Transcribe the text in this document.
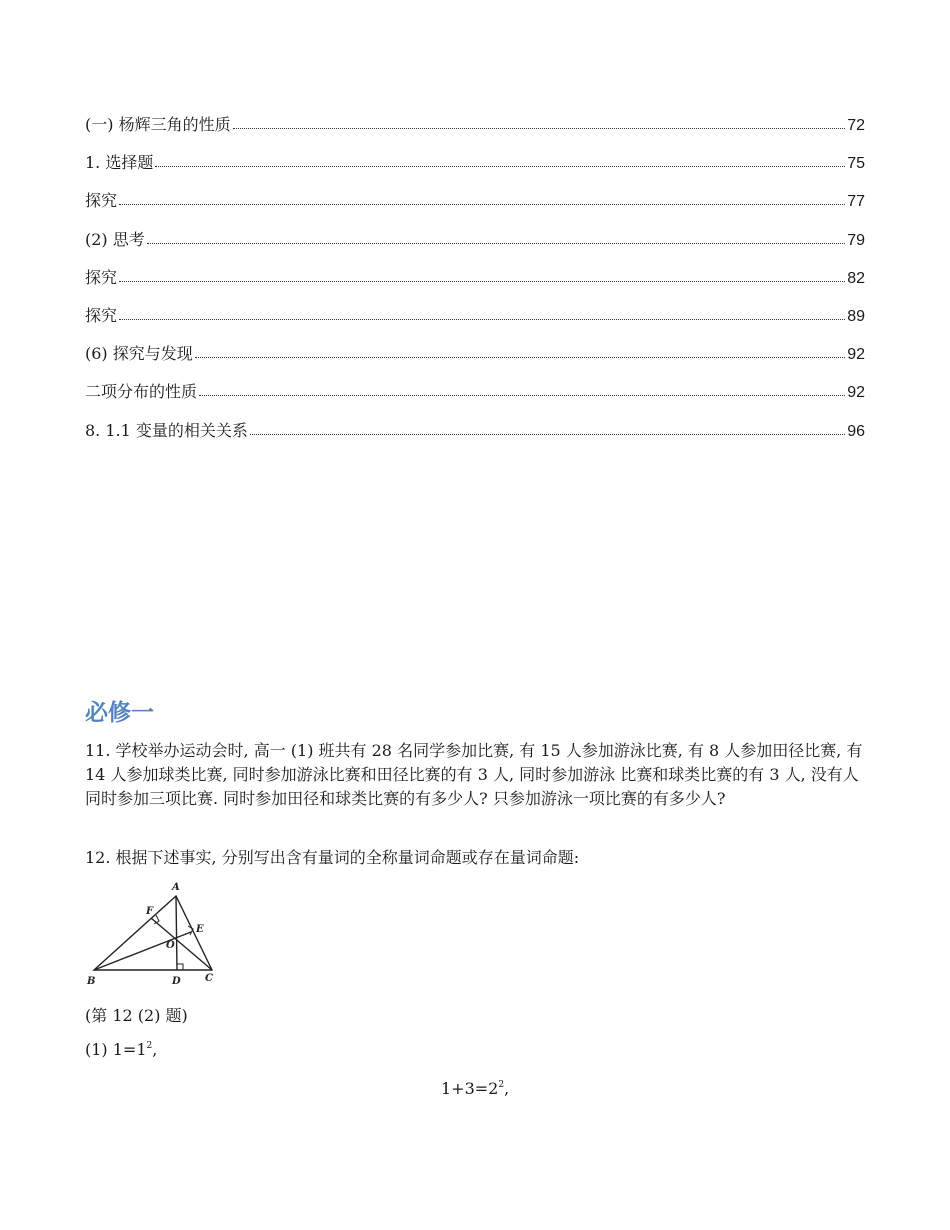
(一) 杨辉三角的性质	72
1. 选择题	75
探究	77
(2) 思考	79
探究	82
探究	89
(6) 探究与发现	92
二项分布的性质	92
8. 1.1 变量的相关关系	96
必修一

11. 学校举办运动会时, 高一 (1) 班共有 28 名同学参加比赛, 有 15 人参加游泳比赛, 有 8 人参加田径比赛, 有 14 人参加球类比赛, 同时参加游泳比赛和田径比赛的有 3 人, 同时参加游泳 比赛和球类比赛的有 3 人, 没有人同时参加三项比赛. 同时参加田径和球类比赛的有多少人? 只参加游泳一项比赛的有多少人?

12. 根据下述事实, 分别写出含有量词的全称量词命题或存在量词命题:

A
B	C
D
E
F
O

(第 12 (2) 题)

(1) $1=1^2$,

$1+3=2^2$,
